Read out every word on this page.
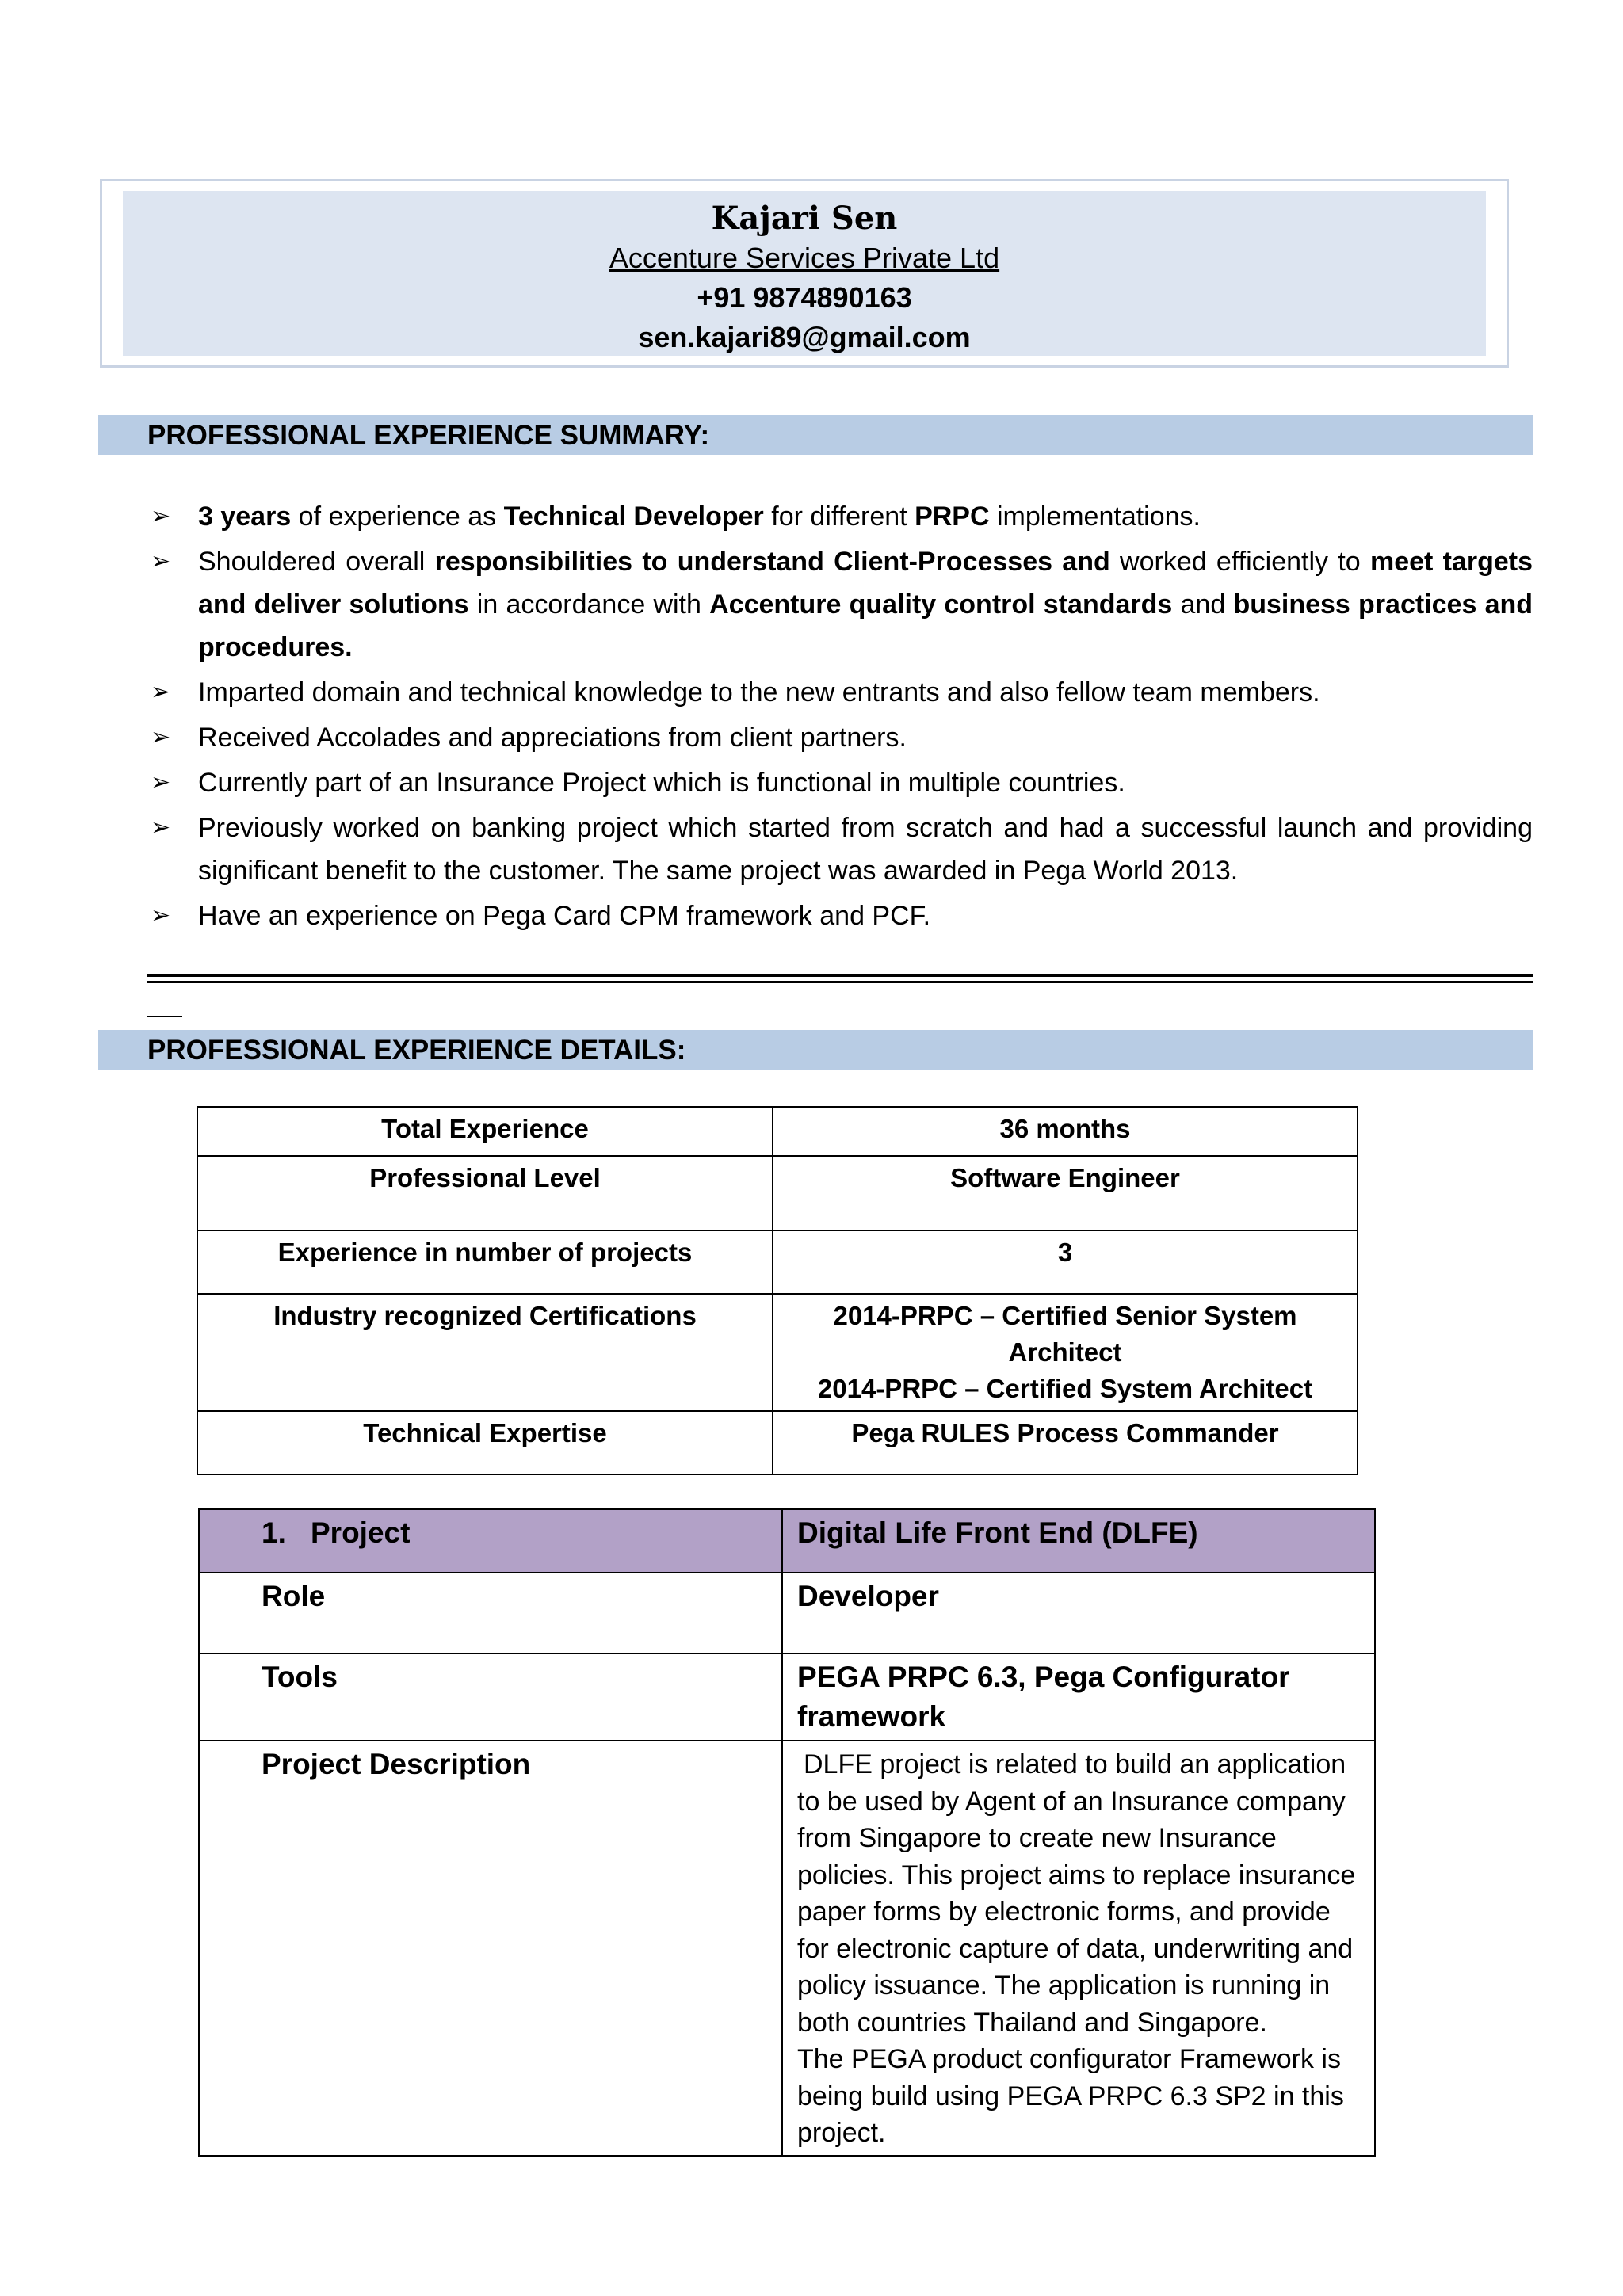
Kajari Sen
Accenture Services Private Ltd
+91 9874890163
sen.kajari89@gmail.com
PROFESSIONAL EXPERIENCE SUMMARY:
➢ 3 years of experience as Technical Developer for different PRPC implementations.
➢ Shouldered overall responsibilities to understand Client-Processes and worked efficiently to meet targets and deliver solutions in accordance with Accenture quality control standards and business practices and procedures.
➢ Imparted domain and technical knowledge to the new entrants and also fellow team members.
➢ Received Accolades and appreciations from client partners.
➢ Currently part of an Insurance Project which is functional in multiple countries.
➢ Previously worked on banking project which started from scratch and had a successful launch and providing significant benefit to the customer. The same project was awarded in Pega World 2013.
➢ Have an experience on Pega Card CPM framework and PCF.
PROFESSIONAL EXPERIENCE DETAILS:
Total Experience	36 months
Professional Level	Software Engineer
Experience in number of projects	3
Industry recognized Certifications	2014-PRPC – Certified Senior System Architect
2014-PRPC – Certified System Architect

Technical Expertise	Pega RULES Process Commander
1. Project	Digital Life Front End (DLFE)
Role	Developer
Tools	PEGA PRPC 6.3, Pega Configurator framework
Project Description	DLFE project is related to build an application to be used by Agent of an Insurance company from Singapore to create new Insurance policies. This project aims to replace insurance paper forms by electronic forms, and provide for electronic capture of data, underwriting and policy issuance. The application is running in both countries Thailand and Singapore.
The PEGA product configurator Framework is being build using PEGA PRPC 6.3 SP2 in this project.
